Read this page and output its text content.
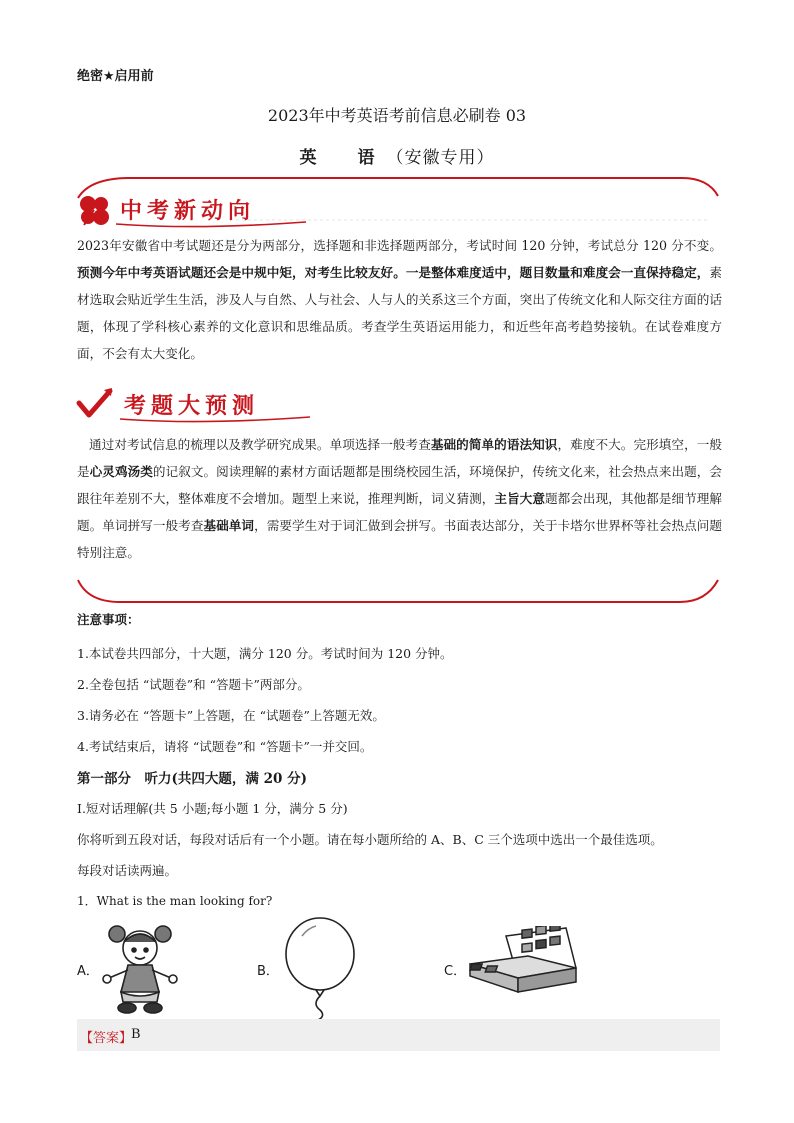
绝密★启用前
2023年中考英语考前信息必刷卷 03
英　语（安徽专用）
中考新动向
2023年安徽省中考试题还是分为两部分，选择题和非选择题两部分，考试时间 120 分钟，考试总分 120 分不变。预测今年中考英语试题还会是中规中矩，对考生比较友好。一是整体难度适中，题目数量和难度会一直保持稳定，素材选取会贴近学生生活，涉及人与自然、人与社会、人与人的关系这三个方面，突出了传统文化和人际交往方面的话题，体现了学科核心素养的文化意识和思维品质。考查学生英语运用能力，和近些年高考趋势接轨。在试卷难度方面，不会有太大变化。
考题大预测
通过对考试信息的梳理以及教学研究成果。单项选择一般考查基础的简单的语法知识，难度不大。完形填空，一般是心灵鸡汤类的记叙文。阅读理解的素材方面话题都是围绕校园生活，环境保护，传统文化来，社会热点来出题，会跟往年差别不大，整体难度不会增加。题型上来说，推理判断，词义猜测，主旨大意题都会出现，其他都是细节理解题。单词拼写一般考查基础单词，需要学生对于词汇做到会拼写。书面表达部分，关于卡塔尔世界杯等社会热点问题特别注意。
注意事项：
1.本试卷共四部分，十大题，满分 120 分。考试时间为 120 分钟。
2.全卷包括 “试题卷”和 “答题卡”两部分。
3.请务必在 “答题卡”上答题，在 “试题卷”上答题无效。
4.考试结束后，请将 “试题卷”和 “答题卡”一并交回。
第一部分　听力(共四大题，满 20 分)
Ⅰ.短对话理解(共 5 小题;每小题 1 分，满分 5 分)
你将听到五段对话，每段对话后有一个小题。请在每小题所给的 A、B、C 三个选项中选出一个最佳选项。
每段对话读两遍。
1．What is the man looking for?
A．	B．	C．
【答案】
B
